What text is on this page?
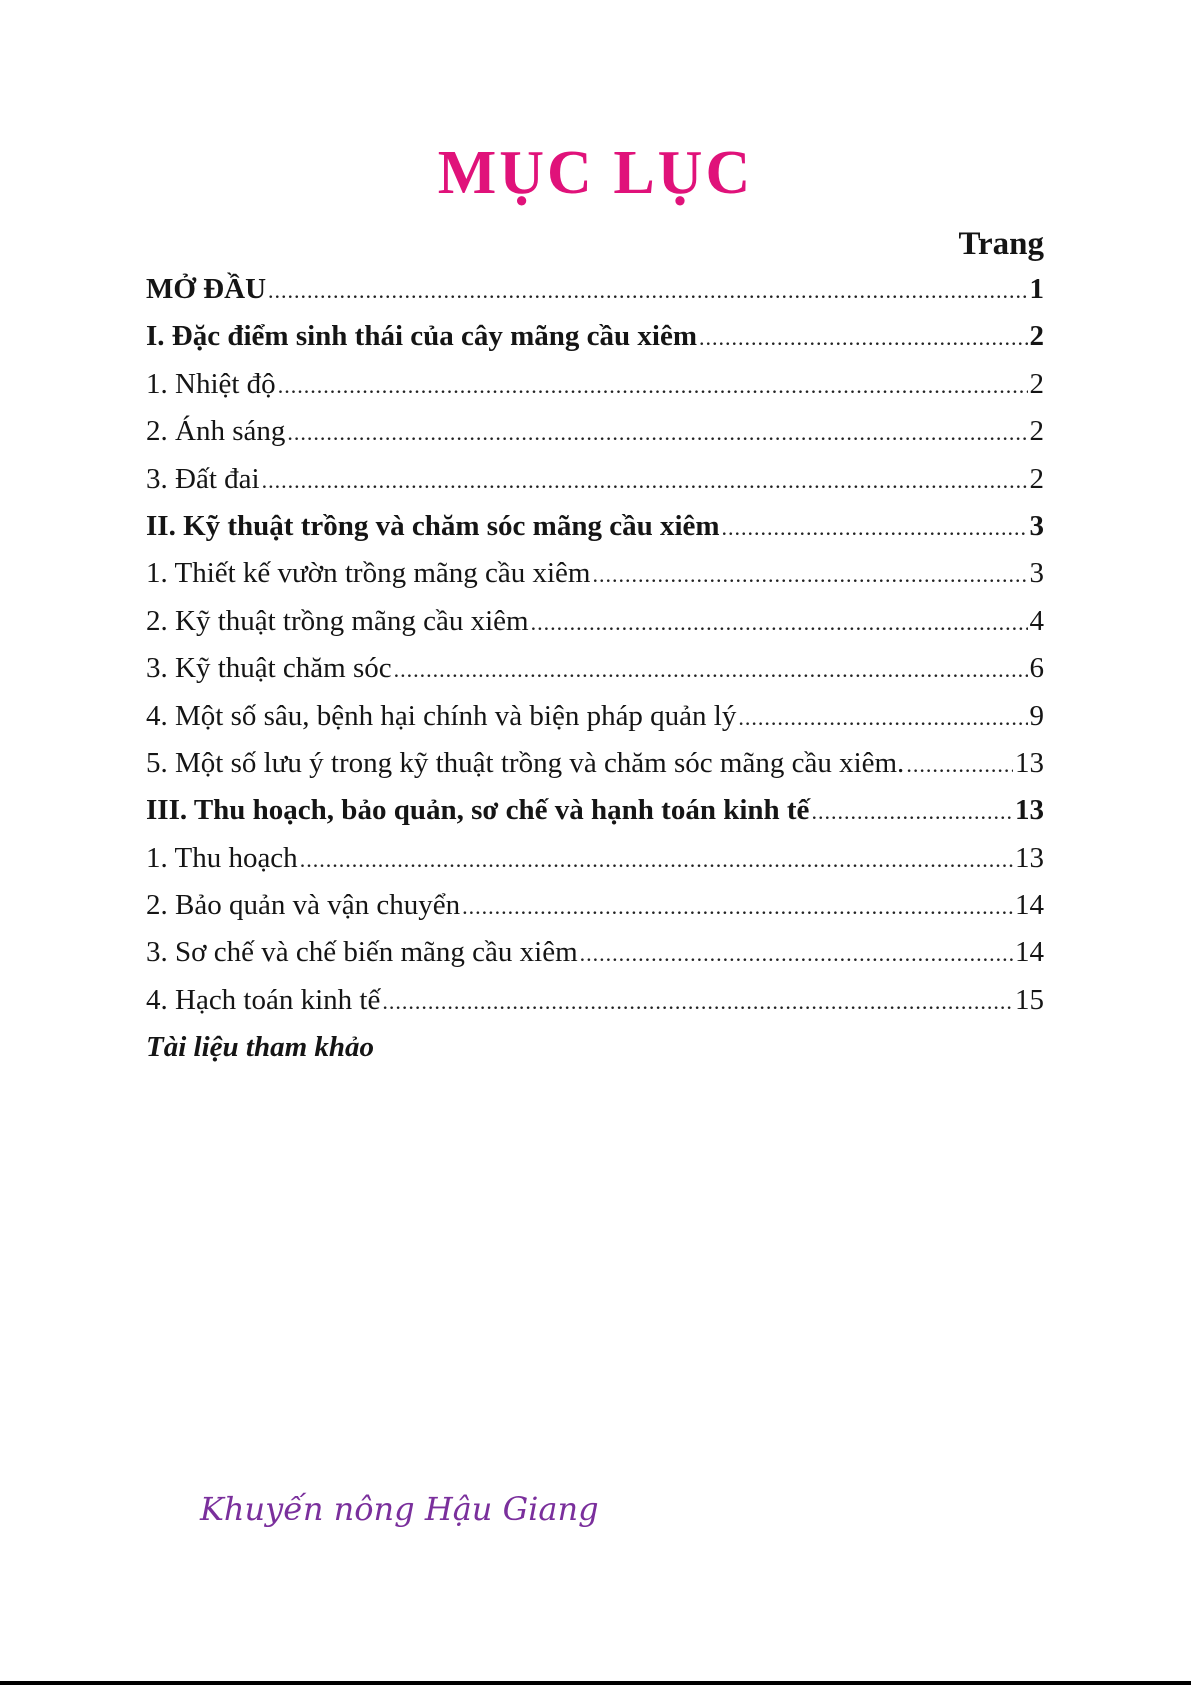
MỤC LỤC
Trang
MỞ ĐẦU .....	1
I. Đặc điểm sinh thái của cây mãng cầu xiêm .....	2
1. Nhiệt độ .....	2
2. Ánh sáng .....	2
3. Đất đai .....	2
II. Kỹ thuật trồng và chăm sóc mãng cầu xiêm .....	3
1. Thiết kế vườn trồng mãng cầu xiêm .....	3
2. Kỹ thuật trồng mãng cầu xiêm .....	4
3. Kỹ thuật chăm sóc .....	6
4. Một số sâu, bệnh hại chính và biện pháp quản lý .....	9
5. Một số lưu ý trong kỹ thuật trồng và chăm sóc mãng cầu xiêm. .....	13
III. Thu hoạch, bảo quản, sơ chế và hạnh toán kinh tế .....	13
1. Thu hoạch .....	13
2. Bảo quản và vận chuyển .....	14
3. Sơ chế và chế biến mãng cầu xiêm .....	14
4. Hạch toán kinh tế .....	15
Tài liệu tham khảo
Khuyến nông Hậu Giang
